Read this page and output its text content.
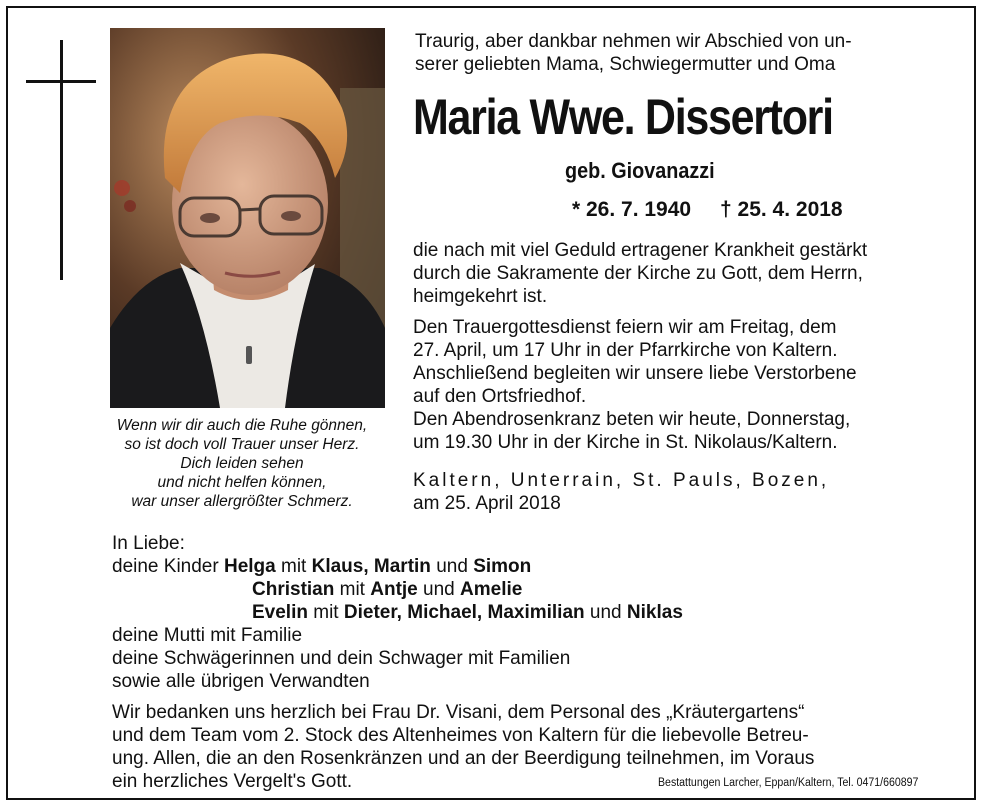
Wenn wir dir auch die Ruhe gönnen,
so ist doch voll Trauer unser Herz.
Dich leiden sehen
und nicht helfen können,
war unser allergrößter Schmerz.
Traurig, aber dankbar nehmen wir Abschied von un-
serer geliebten Mama, Schwiegermutter und Oma
Maria Wwe. Dissertori
geb. Giovanazzi
* 26. 7. 1940 † 25. 4. 2018
die nach mit viel Geduld ertragener Krankheit gestärkt
durch die Sakramente der Kirche zu Gott, dem Herrn,
heimgekehrt ist.
Den Trauergottesdienst feiern wir am Freitag, dem
27. April, um 17 Uhr in der Pfarrkirche von Kaltern.
Anschließend begleiten wir unsere liebe Verstorbene
auf den Ortsfriedhof.
Den Abendrosenkranz beten wir heute, Donnerstag,
um 19.30 Uhr in der Kirche in St. Nikolaus/Kaltern.
Kaltern, Unterrain, St. Pauls, Bozen,
am 25. April 2018
In Liebe:
deine Kinder Helga mit Klaus, Martin und Simon
Christian mit Antje und Amelie
Evelin mit Dieter, Michael, Maximilian und Niklas
deine Mutti mit Familie
deine Schwägerinnen und dein Schwager mit Familien
sowie alle übrigen Verwandten
Wir bedanken uns herzlich bei Frau Dr. Visani, dem Personal des „Kräutergartens“
und dem Team vom 2. Stock des Altenheimes von Kaltern für die liebevolle Betreu-
ung. Allen, die an den Rosenkränzen und an der Beerdigung teilnehmen, im Voraus
ein herzliches Vergelt's Gott.	Bestattungen Larcher, Eppan/Kaltern, Tel. 0471/660897
